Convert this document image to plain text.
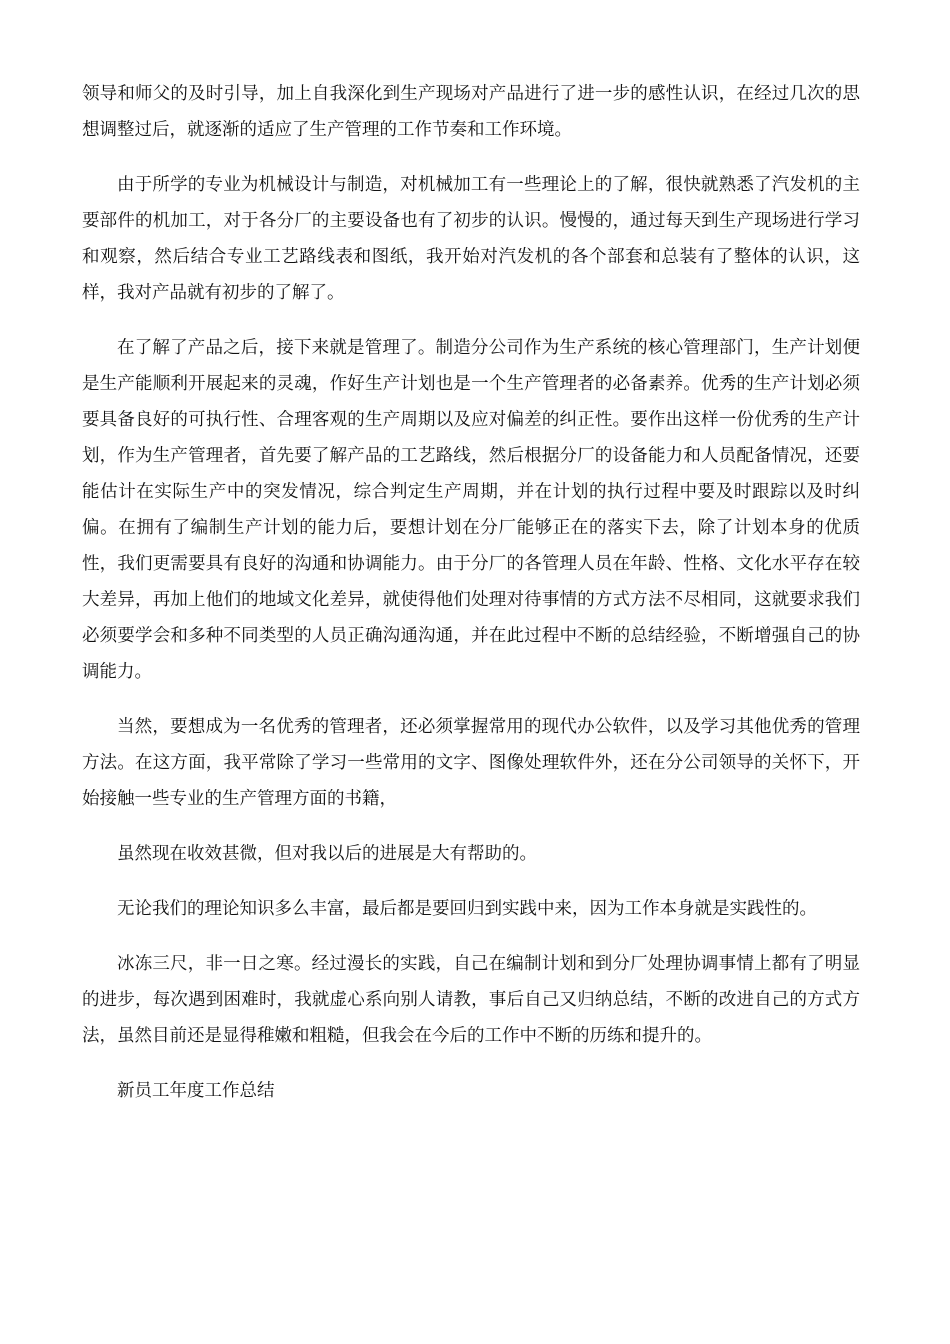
领导和师父的及时引导，加上自我深化到生产现场对产品进行了进一步的感性认识，在经过几次的思想调整过后，就逐渐的适应了生产管理的工作节奏和工作环境。

由于所学的专业为机械设计与制造，对机械加工有一些理论上的了解，很快就熟悉了汽发机的主要部件的机加工，对于各分厂的主要设备也有了初步的认识。慢慢的，通过每天到生产现场进行学习和观察，然后结合专业工艺路线表和图纸，我开始对汽发机的各个部套和总装有了整体的认识，这样，我对产品就有初步的了解了。

在了解了产品之后，接下来就是管理了。制造分公司作为生产系统的核心管理部门，生产计划便是生产能顺利开展起来的灵魂，作好生产计划也是一个生产管理者的必备素养。优秀的生产计划必须要具备良好的可执行性、合理客观的生产周期以及应对偏差的纠正性。要作出这样一份优秀的生产计划，作为生产管理者，首先要了解产品的工艺路线，然后根据分厂的设备能力和人员配备情况，还要能估计在实际生产中的突发情况，综合判定生产周期，并在计划的执行过程中要及时跟踪以及时纠偏。在拥有了编制生产计划的能力后，要想计划在分厂能够正在的落实下去，除了计划本身的优质性，我们更需要具有良好的沟通和协调能力。由于分厂的各管理人员在年龄、性格、文化水平存在较大差异，再加上他们的地域文化差异，就使得他们处理对待事情的方式方法不尽相同，这就要求我们必须要学会和多种不同类型的人员正确沟通沟通，并在此过程中不断的总结经验，不断增强自己的协调能力。

当然，要想成为一名优秀的管理者，还必须掌握常用的现代办公软件，以及学习其他优秀的管理方法。在这方面，我平常除了学习一些常用的文字、图像处理软件外，还在分公司领导的关怀下，开始接触一些专业的生产管理方面的书籍，

虽然现在收效甚微，但对我以后的进展是大有帮助的。

无论我们的理论知识多么丰富，最后都是要回归到实践中来，因为工作本身就是实践性的。

冰冻三尺，非一日之寒。经过漫长的实践，自己在编制计划和到分厂处理协调事情上都有了明显的进步，每次遇到困难时，我就虚心系向别人请教，事后自己又归纳总结，不断的改进自己的方式方法，虽然目前还是显得稚嫩和粗糙，但我会在今后的工作中不断的历练和提升的。

新员工年度工作总结
